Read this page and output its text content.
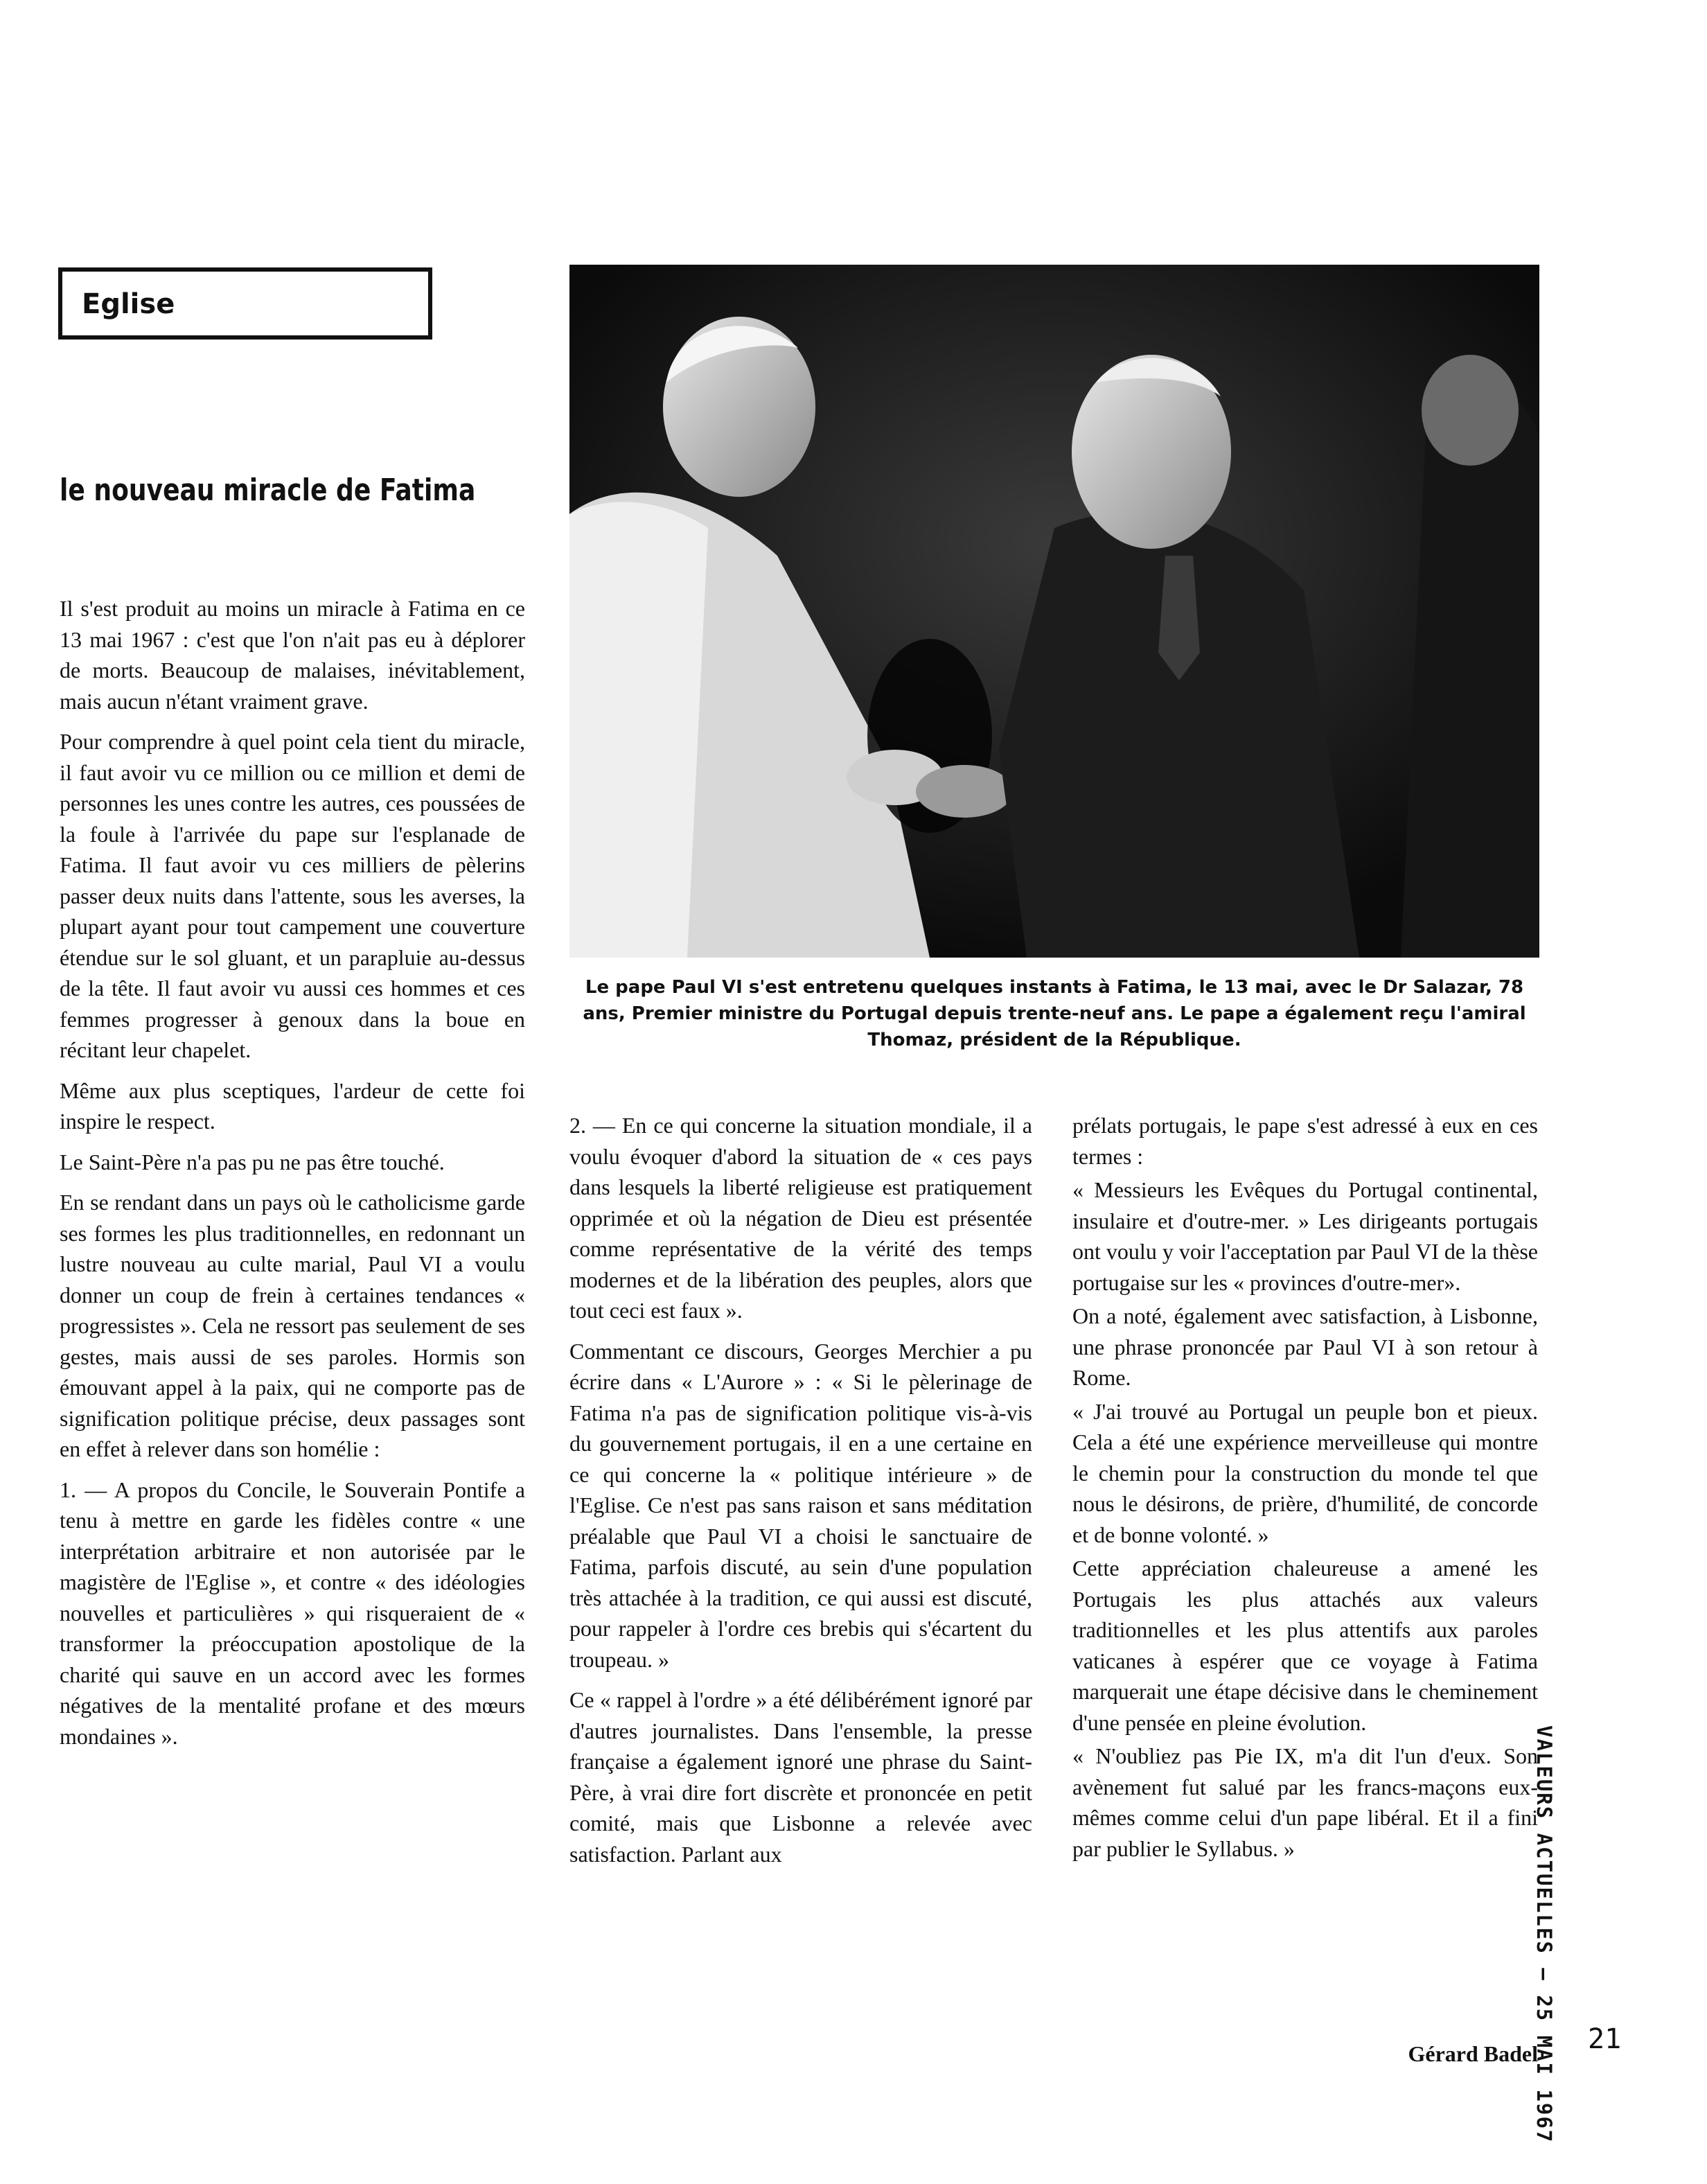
Eglise
le nouveau miracle de Fatima

Il s'est produit au moins un miracle à Fatima en ce 13 mai 1967 : c'est que l'on n'ait pas eu à déplorer de morts. Beaucoup de malaises, inévitablement, mais aucun n'étant vraiment grave.

Pour comprendre à quel point cela tient du miracle, il faut avoir vu ce million ou ce million et demi de personnes les unes contre les autres, ces poussées de la foule à l'arrivée du pape sur l'esplanade de Fatima. Il faut avoir vu ces milliers de pèlerins passer deux nuits dans l'attente, sous les averses, la plupart ayant pour tout campement une couverture étendue sur le sol gluant, et un parapluie au-dessus de la tête. Il faut avoir vu aussi ces hommes et ces femmes progresser à genoux dans la boue en récitant leur chapelet.

Même aux plus sceptiques, l'ardeur de cette foi inspire le respect.

Le Saint-Père n'a pas pu ne pas être touché.

En se rendant dans un pays où le catholicisme garde ses formes les plus traditionnelles, en redonnant un lustre nouveau au culte marial, Paul VI a voulu donner un coup de frein à certaines tendances « progressistes ». Cela ne ressort pas seulement de ses gestes, mais aussi de ses paroles. Hormis son émouvant appel à la paix, qui ne comporte pas de signification politique précise, deux passages sont en effet à relever dans son homélie :

1. — A propos du Concile, le Souverain Pontife a tenu à mettre en garde les fidèles contre « une interprétation arbitraire et non autorisée par le magistère de l'Eglise », et contre « des idéologies nouvelles et particulières » qui risqueraient de « transformer la préoccupation apostolique de la charité qui sauve en un accord avec les formes négatives de la mentalité profane et des mœurs mondaines ».

Le pape Paul VI s'est entretenu quelques instants à Fatima, le 13 mai, avec le Dr Salazar, 78 ans, Premier ministre du Portugal depuis trente-neuf ans. Le pape a également reçu l'amiral Thomaz, président de la République.

2. — En ce qui concerne la situation mondiale, il a voulu évoquer d'abord la situation de « ces pays dans lesquels la liberté religieuse est pratiquement opprimée et où la négation de Dieu est présentée comme représentative de la vérité des temps modernes et de la libération des peuples, alors que tout ceci est faux ».

Commentant ce discours, Georges Merchier a pu écrire dans « L'Aurore » : « Si le pèlerinage de Fatima n'a pas de signification politique vis-à-vis du gouvernement portugais, il en a une certaine en ce qui concerne la « politique intérieure » de l'Eglise. Ce n'est pas sans raison et sans méditation préalable que Paul VI a choisi le sanctuaire de Fatima, parfois discuté, au sein d'une population très attachée à la tradition, ce qui aussi est discuté, pour rappeler à l'ordre ces brebis qui s'écartent du troupeau. »

Ce « rappel à l'ordre » a été délibérément ignoré par d'autres journalistes. Dans l'ensemble, la presse française a également ignoré une phrase du Saint-Père, à vrai dire fort discrète et prononcée en petit comité, mais que Lisbonne a relevée avec satisfaction. Parlant aux

prélats portugais, le pape s'est adressé à eux en ces termes :

« Messieurs les Evêques du Portugal continental, insulaire et d'outre-mer. » Les dirigeants portugais ont voulu y voir l'acceptation par Paul VI de la thèse portugaise sur les « provinces d'outre-mer».

On a noté, également avec satisfaction, à Lisbonne, une phrase prononcée par Paul VI à son retour à Rome.

« J'ai trouvé au Portugal un peuple bon et pieux. Cela a été une expérience merveilleuse qui montre le chemin pour la construction du monde tel que nous le désirons, de prière, d'humilité, de concorde et de bonne volonté. »

Cette appréciation chaleureuse a amené les Portugais les plus attachés aux valeurs traditionnelles et les plus attentifs aux paroles vaticanes à espérer que ce voyage à Fatima marquerait une étape décisive dans le cheminement d'une pensée en pleine évolution.

« N'oubliez pas Pie IX, m'a dit l'un d'eux. Son avènement fut salué par les francs-maçons eux-mêmes comme celui d'un pape libéral. Et il a fini par publier le Syllabus. »

Gérard Badel
VALEURS ACTUELLES — 25 MAI 1967 21
